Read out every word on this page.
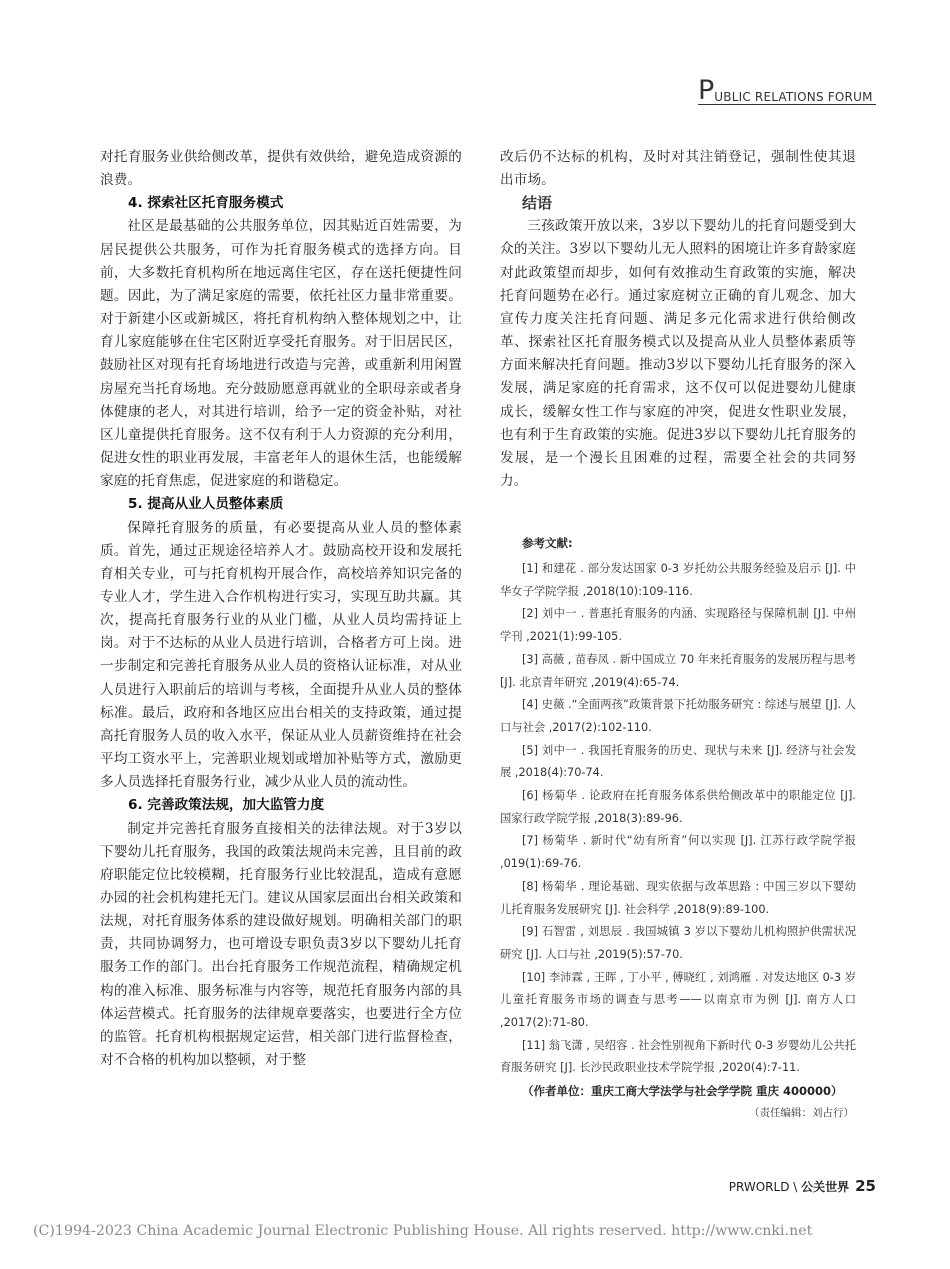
PUBLIC RELATIONS FORUM

对托育服务业供给侧改革，提供有效供给，避免造成资源的浪费。

4. 探索社区托育服务模式

社区是最基础的公共服务单位，因其贴近百姓需要，为居民提供公共服务，可作为托育服务模式的选择方向。目前，大多数托育机构所在地远离住宅区，存在送托便捷性问题。因此，为了满足家庭的需要，依托社区力量非常重要。对于新建小区或新城区，将托育机构纳入整体规划之中，让育儿家庭能够在住宅区附近享受托育服务。对于旧居民区，鼓励社区对现有托育场地进行改造与完善，或重新利用闲置房屋充当托育场地。充分鼓励愿意再就业的全职母亲或者身体健康的老人，对其进行培训，给予一定的资金补贴，对社区儿童提供托育服务。这不仅有利于人力资源的充分利用，促进女性的职业再发展，丰富老年人的退休生活，也能缓解家庭的托育焦虑，促进家庭的和谐稳定。

5. 提高从业人员整体素质

保障托育服务的质量，有必要提高从业人员的整体素质。首先，通过正规途径培养人才。鼓励高校开设和发展托育相关专业，可与托育机构开展合作，高校培养知识完备的专业人才，学生进入合作机构进行实习，实现互助共赢。其次，提高托育服务行业的从业门槛，从业人员均需持证上岗。对于不达标的从业人员进行培训，合格者方可上岗。进一步制定和完善托育服务从业人员的资格认证标准，对从业人员进行入职前后的培训与考核，全面提升从业人员的整体标准。最后，政府和各地区应出台相关的支持政策，通过提高托育服务人员的收入水平，保证从业人员薪资维持在社会平均工资水平上，完善职业规划或增加补贴等方式，激励更多人员选择托育服务行业，减少从业人员的流动性。

6. 完善政策法规，加大监管力度

制定并完善托育服务直接相关的法律法规。对于3岁以下婴幼儿托育服务，我国的政策法规尚未完善，且目前的政府职能定位比较模糊，托育服务行业比较混乱，造成有意愿办园的社会机构建托无门。建议从国家层面出台相关政策和法规，对托育服务体系的建设做好规划。明确相关部门的职责，共同协调努力，也可增设专职负责3岁以下婴幼儿托育服务工作的部门。出台托育服务工作规范流程，精确规定机构的准入标准、服务标准与内容等，规范托育服务内部的具体运营模式。托育服务的法律规章要落实，也要进行全方位的监管。托育机构根据规定运营，相关部门进行监督检查，对不合格的机构加以整顿，对于整

改后仍不达标的机构，及时对其注销登记，强制性使其退出市场。

结语

三孩政策开放以来，3岁以下婴幼儿的托育问题受到大众的关注。3岁以下婴幼儿无人照料的困境让许多育龄家庭对此政策望而却步，如何有效推动生育政策的实施，解决托育问题势在必行。通过家庭树立正确的育儿观念、加大宣传力度关注托育问题、满足多元化需求进行供给侧改革、探索社区托育服务模式以及提高从业人员整体素质等方面来解决托育问题。推动3岁以下婴幼儿托育服务的深入发展，满足家庭的托育需求，这不仅可以促进婴幼儿健康成长，缓解女性工作与家庭的冲突，促进女性职业发展，也有利于生育政策的实施。促进3岁以下婴幼儿托育服务的发展，是一个漫长且困难的过程，需要全社会的共同努力。

参考文献:

[1] 和建花 . 部分发达国家 0-3 岁托幼公共服务经验及启示 [J]. 中华女子学院学报 ,2018(10):109-116.

[2] 刘中一 . 普惠托育服务的内涵、实现路径与保障机制 [J]. 中州学刊 ,2021(1):99-105.

[3] 高薇 , 苗春凤 . 新中国成立 70 年来托育服务的发展历程与思考 [J]. 北京青年研究 ,2019(4):65-74.

[4] 史薇 .“全面两孩”政策背景下托幼服务研究 : 综述与展望 [J]. 人口与社会 ,2017(2):102-110.

[5] 刘中一 . 我国托育服务的历史、现状与未来 [J]. 经济与社会发展 ,2018(4):70-74.

[6] 杨菊华 . 论政府在托育服务体系供给侧改革中的职能定位 [J]. 国家行政学院学报 ,2018(3):89-96.

[7] 杨菊华 . 新时代“幼有所育”何以实现 [J]. 江苏行政学院学报 ,019(1):69-76.

[8] 杨菊华 . 理论基础、现实依据与改革思路 : 中国三岁以下婴幼儿托育服务发展研究 [J]. 社会科学 ,2018(9):89-100.

[9] 石智雷 , 刘思辰 . 我国城镇 3 岁以下婴幼儿机构照护供需状况研究 [J]. 人口与社 ,2019(5):57-70.

[10] 李沛霖 , 王晖 , 丁小平 , 傅晓红 , 刘鸿雁 . 对发达地区 0-3 岁儿童托育服务市场的调查与思考——以南京市为例 [J]. 南方人口 ,2017(2):71-80.

[11] 翁飞潇 , 吴绍容 . 社会性别视角下新时代 0-3 岁婴幼儿公共托育服务研究 [J]. 长沙民政职业技术学院学报 ,2020(4):7-11.

（作者单位：重庆工商大学法学与社会学学院 重庆 400000）
（责任编辑：刘占行）
PRWORLD \ 公关世界 25
(C)1994-2023 China Academic Journal Electronic Publishing House. All rights reserved. http://www.cnki.net
